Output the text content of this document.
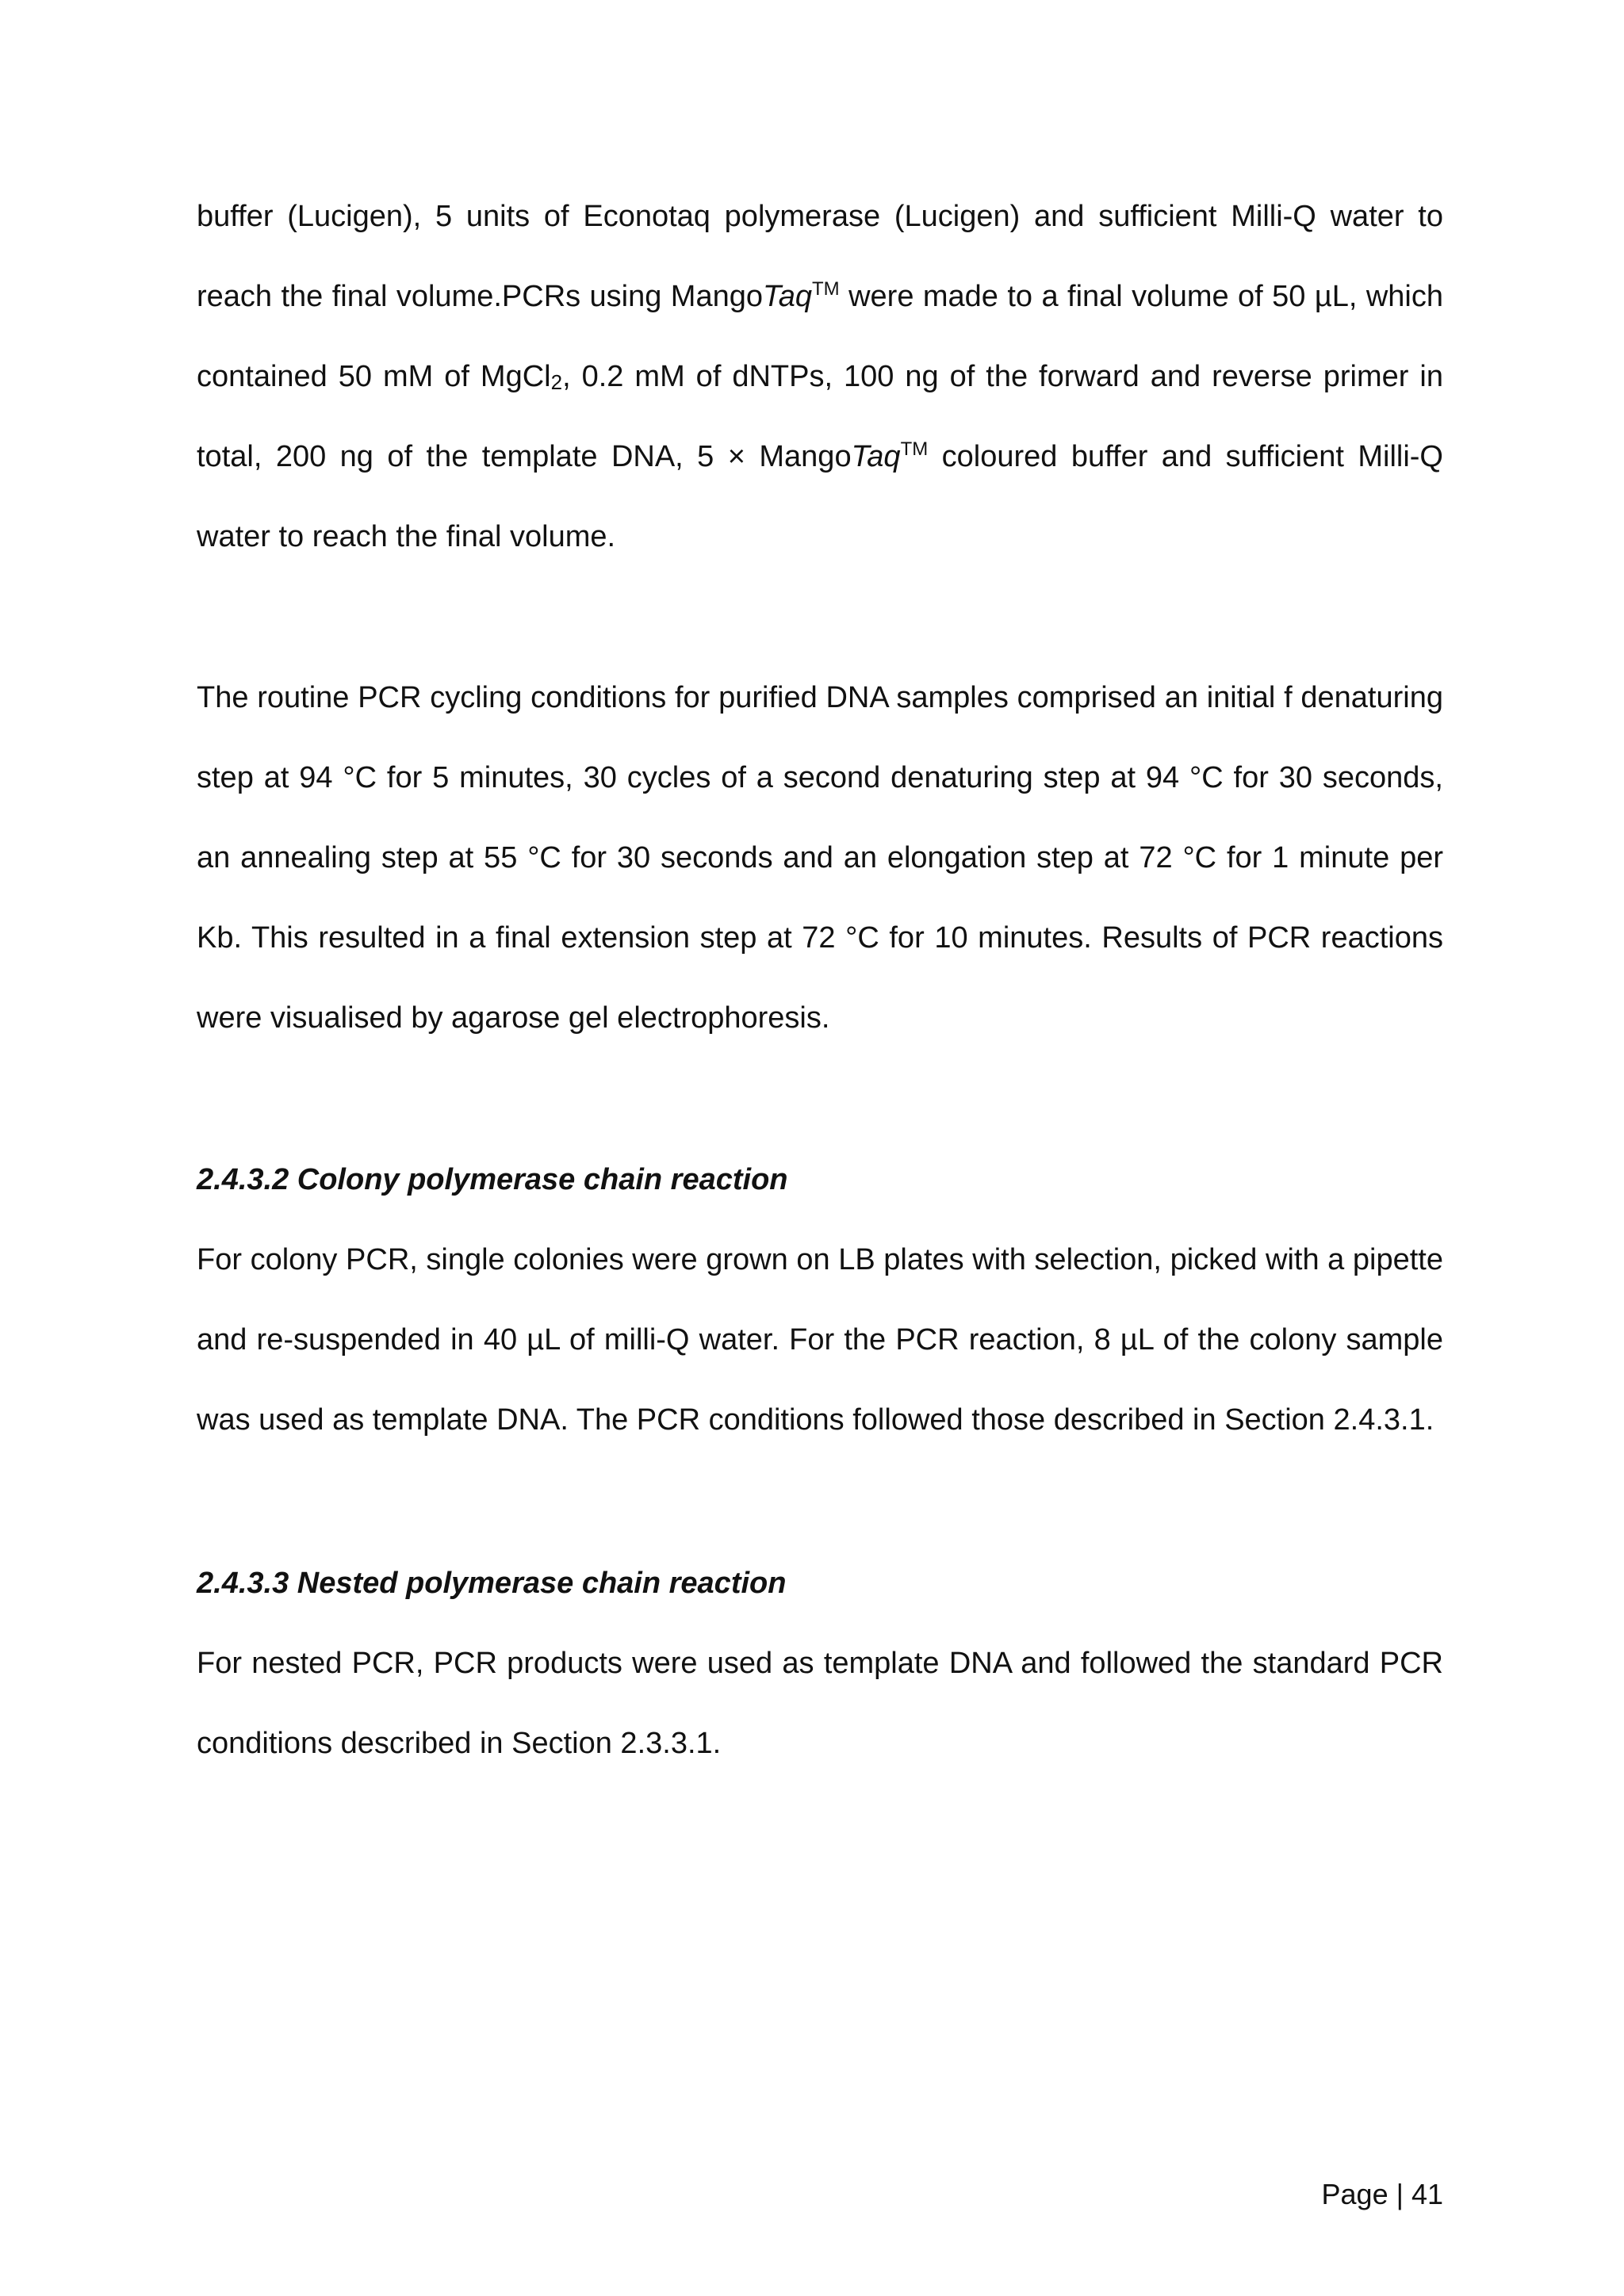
buffer (Lucigen), 5 units of Econotaq polymerase (Lucigen) and sufficient Milli-Q water to reach the final volume.PCRs using MangoTaq™ were made to a final volume of 50 µL, which contained 50 mM of MgCl$_2$, 0.2 mM of dNTPs, 100 ng of the forward and reverse primer in total, 200 ng of the template DNA, 5 × MangoTaq™ coloured buffer and sufficient Milli-Q water to reach the final volume.

The routine PCR cycling conditions for purified DNA samples comprised an initial f denaturing step at 94 °C for 5 minutes, 30 cycles of a second denaturing step at 94 °C for 30 seconds, an annealing step at 55 °C for 30 seconds and an elongation step at 72 °C for 1 minute per Kb. This resulted in a final extension step at 72 °C for 10 minutes. Results of PCR reactions were visualised by agarose gel electrophoresis.

2.4.3.2 Colony polymerase chain reaction

For colony PCR, single colonies were grown on LB plates with selection, picked with a pipette and re-suspended in 40 µL of milli-Q water. For the PCR reaction, 8 µL of the colony sample was used as template DNA. The PCR conditions followed those described in Section 2.4.3.1.

2.4.3.3 Nested polymerase chain reaction

For nested PCR, PCR products were used as template DNA and followed the standard PCR conditions described in Section 2.3.3.1.

Page | 41
